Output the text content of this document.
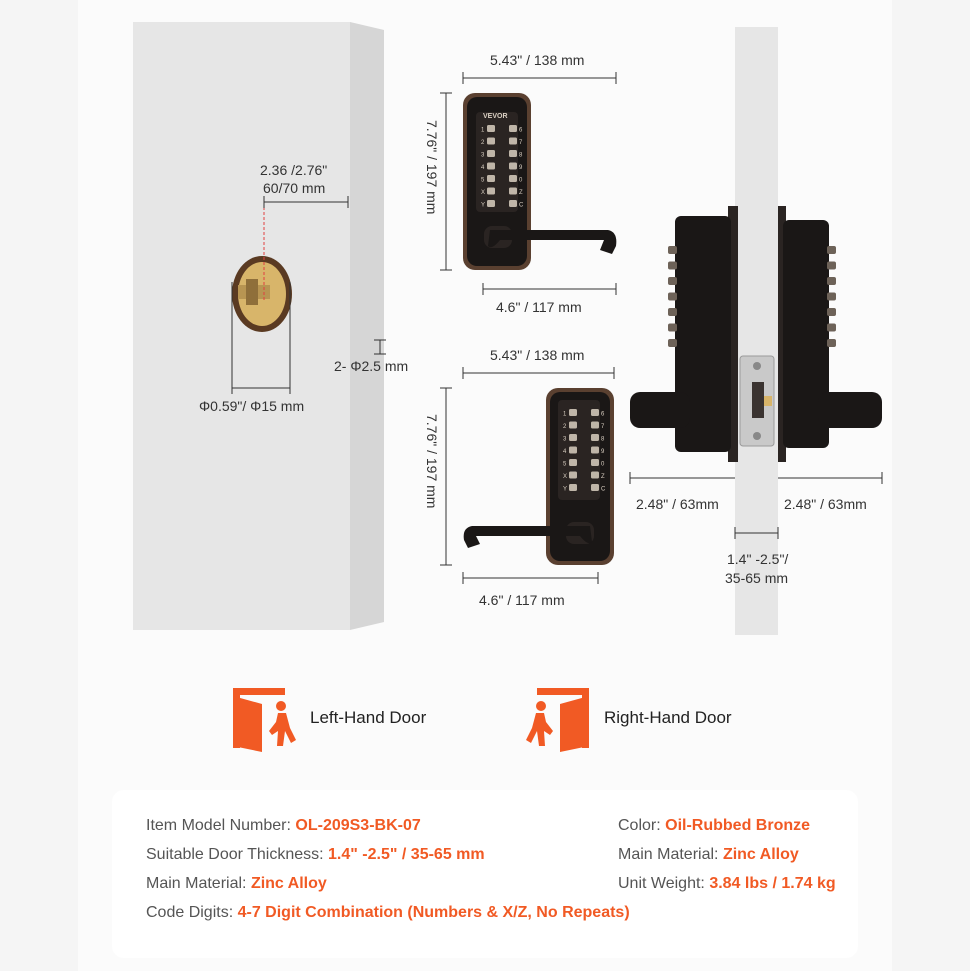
1	6
2	7
3	8
4	9
5	0
X	Z
Y	C
1	6
2	7
3	8
4	9
5	0
X	Z
Y	C
VEVOR
2.36 /2.76"
60/70 mm
2- Φ2.5 mm
Φ0.59"/ Φ15 mm
5.43" / 138 mm
7.76" / 197 mm
4.6" / 117 mm
5.43" / 138 mm
7.76" / 197 mm
4.6" / 117 mm
2.48" / 63mm	2.48" / 63mm
1.4" -2.5"/
35-65 mm
Left-Hand Door	Right-Hand Door
Item Model Number: OL-209S3-BK-07
Suitable Door Thickness: 1.4" -2.5" / 35-65 mm
Main Material: Zinc Alloy
Code Digits: 4-7 Digit Combination (Numbers & X/Z, No Repeats)
Color: Oil-Rubbed Bronze
Main Material: Zinc Alloy
Unit Weight: 3.84 lbs / 1.74 kg
